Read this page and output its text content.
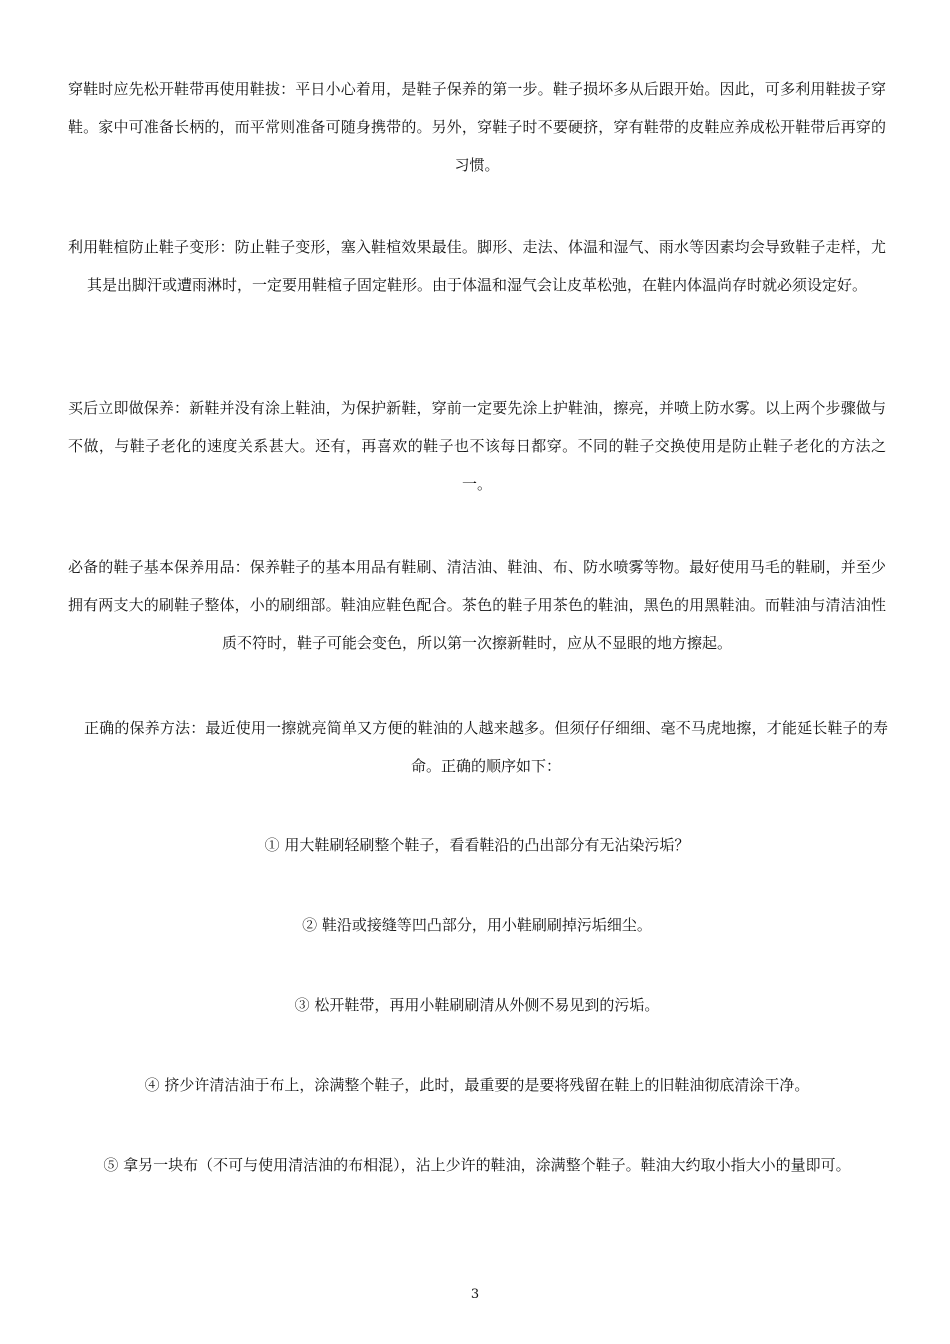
穿鞋时应先松开鞋带再使用鞋拔：平日小心着用，是鞋子保养的第一步。鞋子损坏多从后跟开始。因此，可多利用鞋拔子穿鞋。家中可准备长柄的，而平常则准备可随身携带的。另外，穿鞋子时不要硬挤，穿有鞋带的皮鞋应养成松开鞋带后再穿的习惯。

利用鞋楦防止鞋子变形：防止鞋子变形，塞入鞋楦效果最佳。脚形、走法、体温和湿气、雨水等因素均会导致鞋子走样，尤其是出脚汗或遭雨淋时，一定要用鞋楦子固定鞋形。由于体温和湿气会让皮革松弛，在鞋内体温尚存时就必须设定好。

买后立即做保养：新鞋并没有涂上鞋油，为保护新鞋，穿前一定要先涂上护鞋油，擦亮，并喷上防水雾。以上两个步骤做与不做，与鞋子老化的速度关系甚大。还有，再喜欢的鞋子也不该每日都穿。不同的鞋子交换使用是防止鞋子老化的方法之一。

必备的鞋子基本保养用品：保养鞋子的基本用品有鞋刷、清洁油、鞋油、布、防水喷雾等物。最好使用马毛的鞋刷，并至少拥有两支大的刷鞋子整体，小的刷细部。鞋油应鞋色配合。茶色的鞋子用茶色的鞋油，黑色的用黑鞋油。而鞋油与清洁油性质不符时，鞋子可能会变色，所以第一次擦新鞋时，应从不显眼的地方擦起。

正确的保养方法：最近使用一擦就亮简单又方便的鞋油的人越来越多。但须仔仔细细、毫不马虎地擦，才能延长鞋子的寿命。正确的顺序如下：

① 用大鞋刷轻刷整个鞋子，看看鞋沿的凸出部分有无沾染污垢？

② 鞋沿或接缝等凹凸部分，用小鞋刷刷掉污垢细尘。

③ 松开鞋带，再用小鞋刷刷清从外侧不易见到的污垢。

④ 挤少许清洁油于布上，涂满整个鞋子，此时，最重要的是要将残留在鞋上的旧鞋油彻底清涂干净。

⑤ 拿另一块布（不可与使用清洁油的布相混），沾上少许的鞋油，涂满整个鞋子。鞋油大约取小指大小的量即可。

3
